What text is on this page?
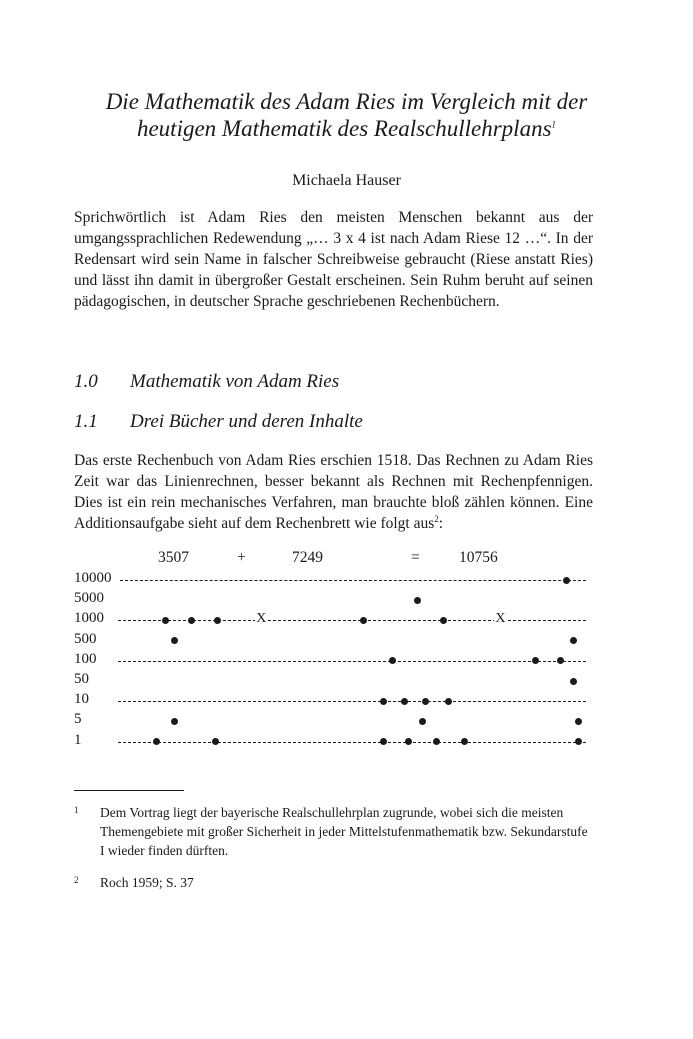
Die Mathematik des Adam Ries im Vergleich mit der
heutigen Mathematik des Realschullehrplans$^1$
Michaela Hauser
Sprichwörtlich ist Adam Ries den meisten Menschen bekannt aus der umgangssprachlichen Redewendung „… 3 x 4 ist nach Adam Riese 12 …“. In der Redensart wird sein Name in falscher Schreibweise gebraucht (Riese anstatt Ries) und lässt ihn damit in übergroßer Gestalt erscheinen. Sein Ruhm beruht auf seinen pädagogischen, in deutscher Sprache geschriebenen Rechenbüchern.
1.0 Mathematik von Adam Ries
1.1 Drei Bücher und deren Inhalte
Das erste Rechenbuch von Adam Ries erschien 1518. Das Rechnen zu Adam Ries Zeit war das Linienrechnen, besser bekannt als Rechnen mit Rechenpfennigen. Dies ist ein rein mechanisches Verfahren, man brauchte bloß zählen können. Eine Additionsaufgabe sieht auf dem Rechenbrett wie folgt aus$^2$:
3507	+	7249	=	10756
10000
5000
1000	X	X
500
100
50
10
5
1
1 Dem Vortrag liegt der bayerische Realschullehrplan zugrunde, wobei sich die meisten Themengebiete mit großer Sicherheit in jeder Mittelstufenmathematik bzw. Sekundarstufe I wieder finden dürften.
2 Roch 1959; S. 37
